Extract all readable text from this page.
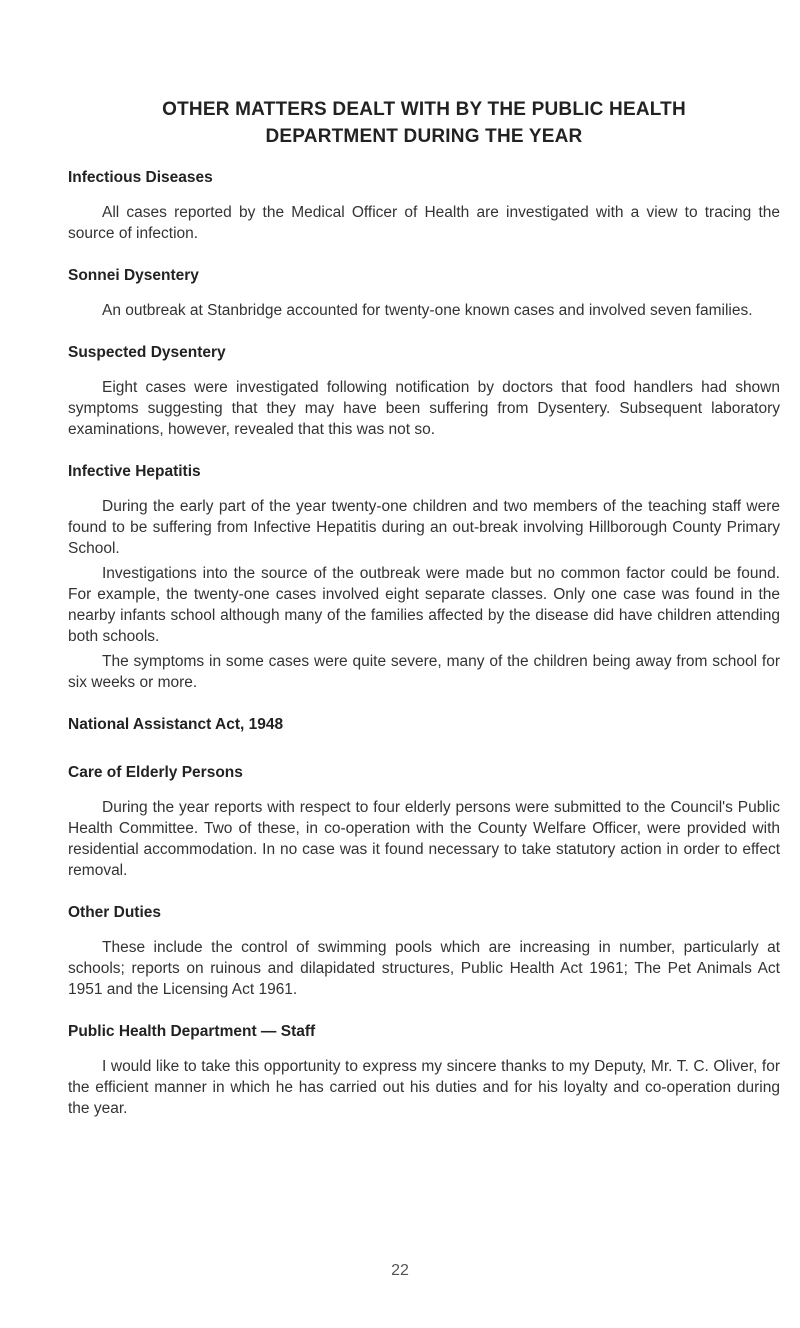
OTHER MATTERS DEALT WITH BY THE PUBLIC HEALTH
DEPARTMENT DURING THE YEAR
Infectious Diseases

All cases reported by the Medical Officer of Health are investigated with a view to tracing the source of infection.

Sonnei Dysentery

An outbreak at Stanbridge accounted for twenty-one known cases and involved seven families.

Suspected Dysentery

Eight cases were investigated following notification by doctors that food handlers had shown symptoms suggesting that they may have been suffering from Dysentery. Subsequent laboratory examinations, however, revealed that this was not so.

Infective Hepatitis

During the early part of the year twenty-one children and two members of the teaching staff were found to be suffering from Infective Hepatitis during an out-break involving Hillborough County Primary School.

Investigations into the source of the outbreak were made but no common factor could be found. For example, the twenty-one cases involved eight separate classes. Only one case was found in the nearby infants school although many of the families affected by the disease did have children attending both schools.

The symptoms in some cases were quite severe, many of the children being away from school for six weeks or more.

National Assistanct Act, 1948
Care of Elderly Persons

During the year reports with respect to four elderly persons were submitted to the Council's Public Health Committee. Two of these, in co-operation with the County Welfare Officer, were provided with residential accommodation. In no case was it found necessary to take statutory action in order to effect removal.

Other Duties

These include the control of swimming pools which are increasing in number, particularly at schools; reports on ruinous and dilapidated structures, Public Health Act 1961; The Pet Animals Act 1951 and the Licensing Act 1961.

Public Health Department — Staff

I would like to take this opportunity to express my sincere thanks to my Deputy, Mr. T. C. Oliver, for the efficient manner in which he has carried out his duties and for his loyalty and co-operation during the year.

22
